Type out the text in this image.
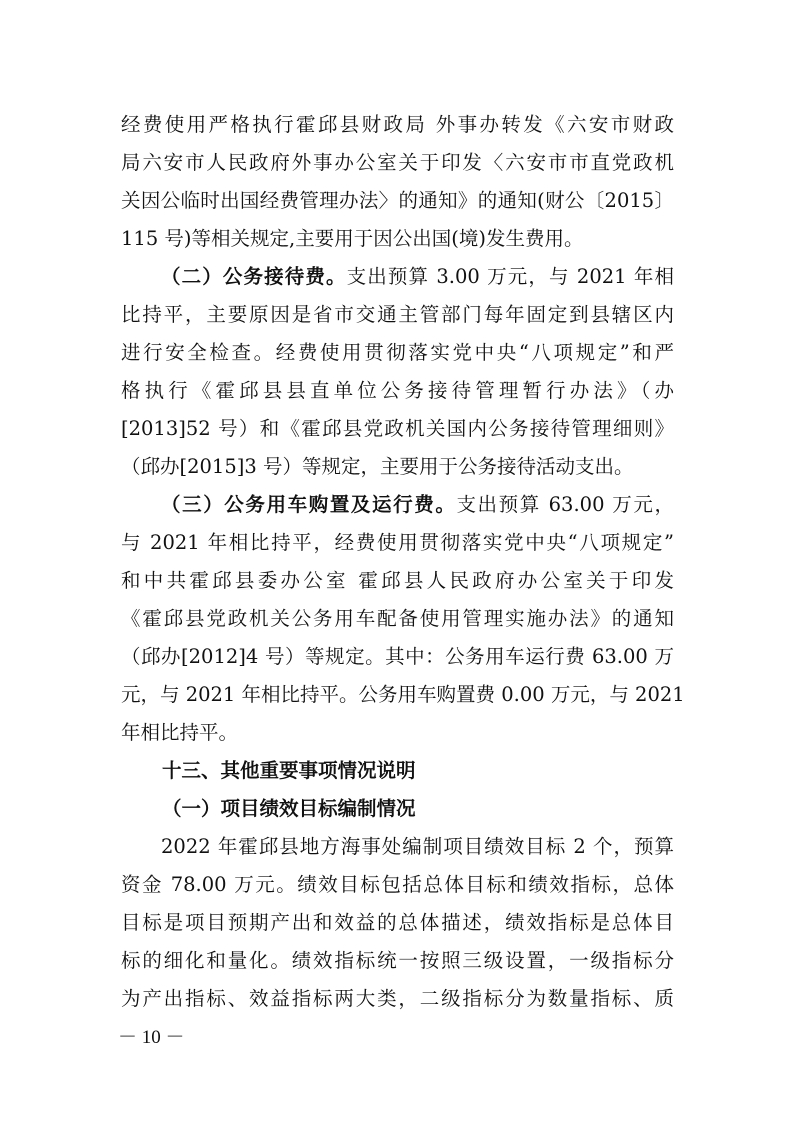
经费使用严格执行霍邱县财政局 外事办转发《六安市财政
局六安市人民政府外事办公室关于印发〈六安市市直党政机
关因公临时出国经费管理办法〉的通知》的通知(财公〔2015〕
115 号)等相关规定,主要用于因公出国(境)发生费用。
（二）公务接待费。支出预算 3.00 万元，与 2021 年相
比持平，主要原因是省市交通主管部门每年固定到县辖区内
进行安全检查。经费使用贯彻落实党中央“八项规定”和严
格执行《霍邱县县直单位公务接待管理暂行办法》（办
[2013]52 号）和《霍邱县党政机关国内公务接待管理细则》
（邱办[2015]3 号）等规定，主要用于公务接待活动支出。
（三）公务用车购置及运行费。支出预算 63.00 万元，
与 2021 年相比持平，经费使用贯彻落实党中央“八项规定”
和中共霍邱县委办公室 霍邱县人民政府办公室关于印发
《霍邱县党政机关公务用车配备使用管理实施办法》的通知
（邱办[2012]4 号）等规定。其中：公务用车运行费 63.00 万
元，与 2021 年相比持平。公务用车购置费 0.00 万元，与 2021
年相比持平。
十三、其他重要事项情况说明
（一）项目绩效目标编制情况
2022 年霍邱县地方海事处编制项目绩效目标 2 个，预算
资金 78.00 万元。绩效目标包括总体目标和绩效指标，总体
目标是项目预期产出和效益的总体描述，绩效指标是总体目
标的细化和量化。绩效指标统一按照三级设置，一级指标分
为产出指标、效益指标两大类，二级指标分为数量指标、质
－ 10 －
